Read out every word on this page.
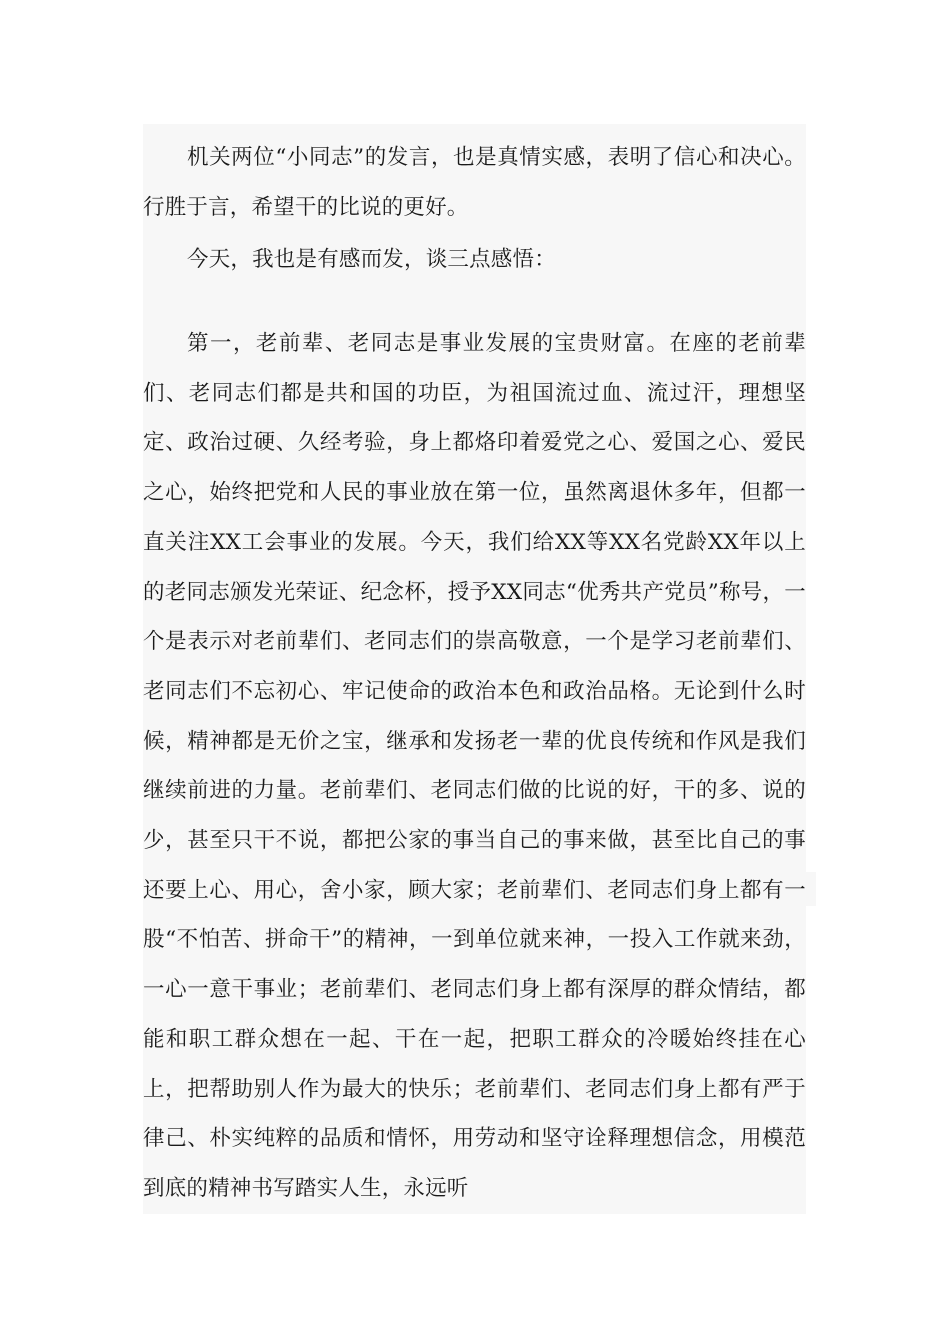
机关两位“小同志”的发言，也是真情实感，表明了信心和决心。行胜于言，希望干的比说的更好。

今天，我也是有感而发，谈三点感悟：

第一，老前辈、老同志是事业发展的宝贵财富。在座的老前辈们、老同志们都是共和国的功臣，为祖国流过血、流过汗，理想坚定、政治过硬、久经考验，身上都烙印着爱党之心、爱国之心、爱民之心，始终把党和人民的事业放在第一位，虽然离退休多年，但都一直关注XX工会事业的发展。今天，我们给XX等XX名党龄XX年以上的老同志颁发光荣证、纪念杯，授予XX同志“优秀共产党员”称号，一个是表示对老前辈们、老同志们的崇高敬意，一个是学习老前辈们、老同志们不忘初心、牢记使命的政治本色和政治品格。无论到什么时候，精神都是无价之宝，继承和发扬老一辈的优良传统和作风是我们继续前进的力量。老前辈们、老同志们做的比说的好，干的多、说的少，甚至只干不说，都把公家的事当自己的事来做，甚至比自己的事还要上心、用心，舍小家，顾大家；老前辈们、老同志们身上都有一股“不怕苦、拼命干”的精神，一到单位就来神，一投入工作就来劲，一心一意干事业；老前辈们、老同志们身上都有深厚的群众情结，都能和职工群众想在一起、干在一起，把职工群众的冷暖始终挂在心上，把帮助别人作为最大的快乐；老前辈们、老同志们身上都有严于律己、朴实纯粹的品质和情怀，用劳动和坚守诠释理想信念，用模范到底的精神书写踏实人生，永远听
